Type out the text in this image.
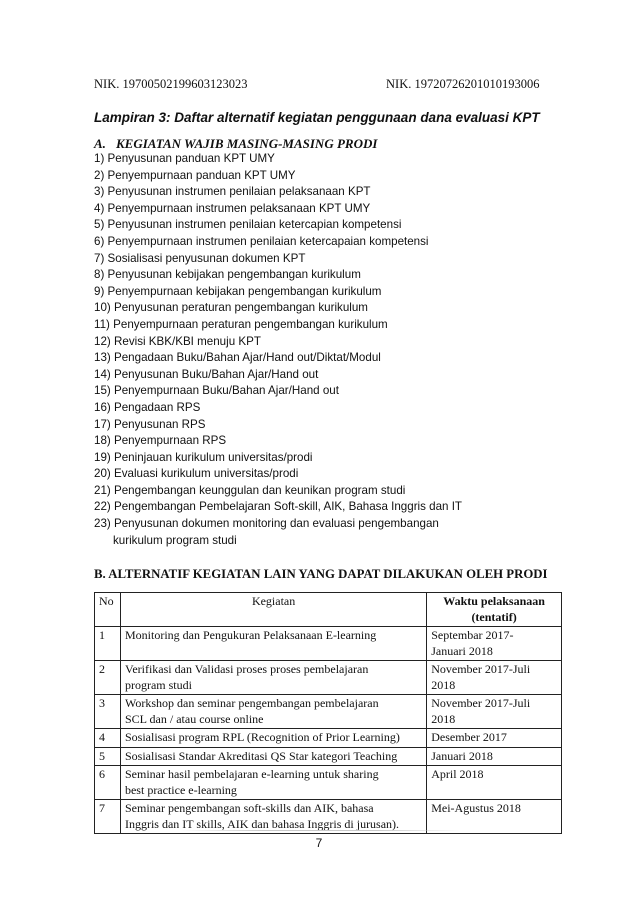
NIK. 19700502199603123023	NIK. 19720726201010193006
Lampiran 3: Daftar alternatif kegiatan penggunaan dana evaluasi KPT
A. KEGIATAN WAJIB MASING-MASING PRODI
1) Penyusunan panduan KPT UMY
2) Penyempurnaan panduan KPT UMY
3) Penyusunan instrumen penilaian pelaksanaan KPT
4) Penyempurnaan instrumen pelaksanaan KPT UMY
5) Penyusunan instrumen penilaian ketercapian kompetensi
6) Penyempurnaan instrumen penilaian ketercapaian kompetensi
7) Sosialisasi penyusunan dokumen KPT
8) Penyusunan kebijakan pengembangan kurikulum
9) Penyempurnaan kebijakan pengembangan kurikulum
10) Penyusunan peraturan pengembangan kurikulum
11) Penyempurnaan peraturan pengembangan kurikulum
12) Revisi KBK/KBI menuju KPT
13) Pengadaan Buku/Bahan Ajar/Hand out/Diktat/Modul
14) Penyusunan Buku/Bahan Ajar/Hand out
15) Penyempurnaan Buku/Bahan Ajar/Hand out
16) Pengadaan RPS
17) Penyusunan RPS
18) Penyempurnaan RPS
19) Peninjauan kurikulum universitas/prodi
20) Evaluasi kurikulum universitas/prodi
21) Pengembangan keunggulan dan keunikan program studi
22) Pengembangan Pembelajaran Soft-skill, AIK, Bahasa Inggris dan IT
23) Penyusunan dokumen monitoring dan evaluasi pengembangan
kurikulum program studi
B. ALTERNATIF KEGIATAN LAIN YANG DAPAT DILAKUKAN OLEH PRODI
No	Kegiatan	Waktu pelaksanaan
(tentatif)
1	Monitoring dan Pengukuran Pelaksanaan E-learning	Septembar 2017-
Januari 2018
2	Verifikasi dan Validasi proses proses pembelajaran
program studi	November 2017-Juli
2018
3	Workshop dan seminar pengembangan pembelajaran
SCL dan / atau course online	November 2017-Juli
2018
4	Sosialisasi program RPL (Recognition of Prior Learning)	Desember 2017
5	Sosialisasi Standar Akreditasi QS Star kategori Teaching	Januari 2018
6	Seminar hasil pembelajaran e-learning untuk sharing
best practice e-learning	April 2018
7	Seminar pengembangan soft-skills dan AIK, bahasa
Inggris dan IT skills, AIK dan bahasa Inggris di jurusan).	Mei-Agustus 2018
7
